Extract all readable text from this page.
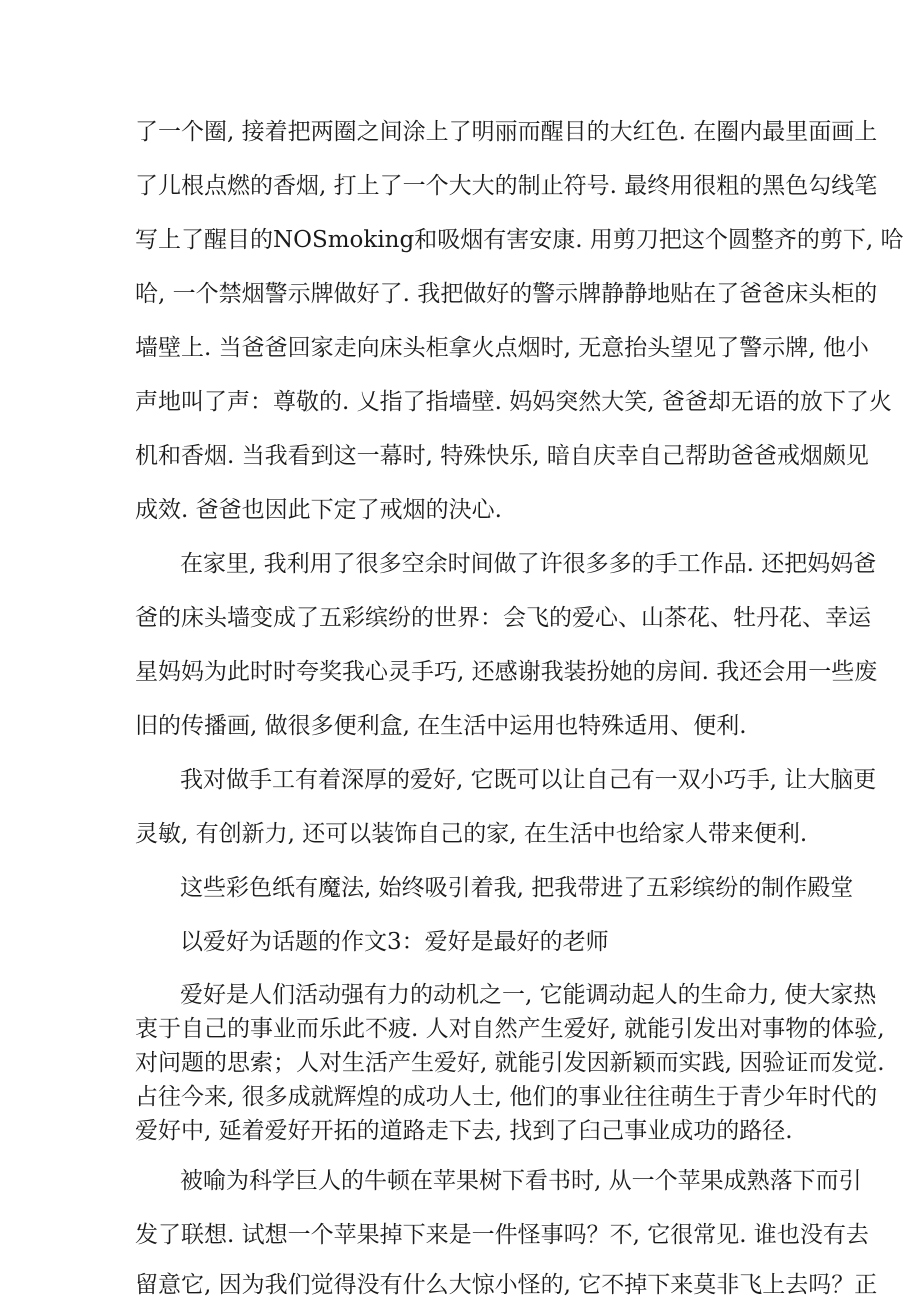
了一个圈, 接着把两圈之间涂上了明丽而醒目的大红色. 在圈内最里面画上
了儿根点燃的香烟, 打上了一个大大的制止符号. 最终用很粗的黑色勾线笔
写上了醒目的NOSmoking和吸烟有害安康. 用剪刀把这个圆整齐的剪下, 哈
哈, 一个禁烟警示牌做好了. 我把做好的警示牌静静地贴在了爸爸床头柜的
墙壁上. 当爸爸回家走向床头柜拿火点烟时, 无意抬头望见了警示牌, 他小
声地叫了声：尊敬的. 乂指了指墙壁. 妈妈突然大笑, 爸爸却无语的放下了火
机和香烟. 当我看到这一幕时, 特殊快乐, 暗自庆幸自己帮助爸爸戒烟颇见
成效. 爸爸也因此下定了戒烟的決心.
在家里, 我利用了很多空余时间做了许很多多的手工作品. 还把妈妈爸
爸的床头墙变成了五彩缤纷的世界：会飞的爱心、山茶花、牡丹花、幸运
星妈妈为此时时夸奖我心灵手巧, 还感谢我装扮她的房间. 我还会用一些废
旧的传播画, 做很多便利盒, 在生活中运用也特殊适用、便利.
我对做手工有着深厚的爱好, 它既可以让自己有一双小巧手, 让大脑更
灵敏, 有创新力, 还可以装饰自己的家, 在生活中也给家人带来便利.
这些彩色纸有魔法, 始终吸引着我, 把我带进了五彩缤纷的制作殿堂
以爱好为话题的作文3：爱好是最好的老师
爱好是人们活动强有力的动机之一, 它能调动起人的生命力, 使大家热
衷于自己的事业而乐此不疲. 人对自然产生爱好, 就能引发出对事物的体验,
对问题的思索；人对生活产生爱好, 就能引发因新颖而实践, 因验证而发觉.
占往今来, 很多成就辉煌的成功人士, 他们的事业往往萌生于青少年时代的
爱好中, 延着爱好开拓的道路走下去, 找到了臼己事业成功的路径.
被喻为科学巨人的牛顿在苹果树下看书时, 从一个苹果成熟落下而引
发了联想. 试想一个苹果掉下来是一件怪事吗？不, 它很常见. 谁也没有去
留意它, 因为我们觉得没有什么大惊小怪的, 它不掉下来莫非飞上去吗？正
